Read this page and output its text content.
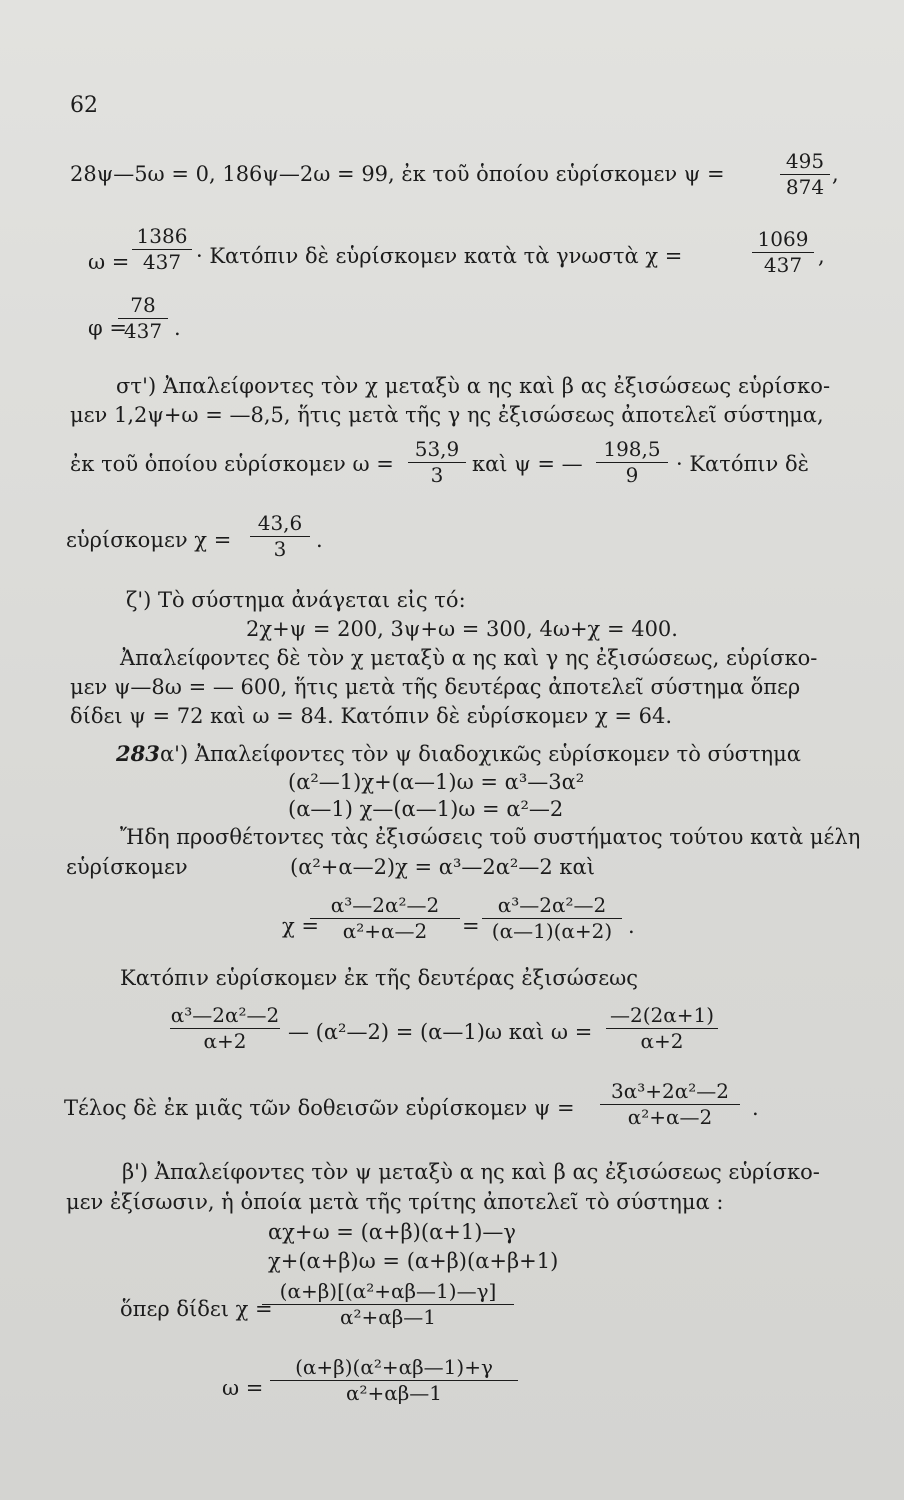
62
28ψ—5ω = 0, 186ψ—2ω = 99, ἐκ τοῦ ὁποίου εὑρίσκομεν ψ =
495
874
,
ω =
1386
437 · Κατόπιν δὲ εὑρίσκομεν κατὰ τὰ γνωστὰ χ =
1069
437 ,
φ =
78
437 .
στ') Ἀπαλείφοντες τὸν χ μεταξὺ α ης καὶ β ας ἐξισώσεως εὑρίσκο-
μεν 1,2ψ+ω = —8,5, ἥτις μετὰ τῆς γ ης ἐξισώσεως ἀποτελεῖ σύστημα,
ἐκ τοῦ ὁποίου εὑρίσκομεν ω =
53,9
3	καὶ ψ = —
198,5
9	· Κατόπιν δὲ
εὑρίσκομεν χ =
43,6
3	.
ζ') Τὸ σύστημα ἀνάγεται εἰς τό:
2χ+ψ = 200, 3ψ+ω = 300, 4ω+χ = 400.
Ἀπαλείφοντες δὲ τὸν χ μεταξὺ α ης καὶ γ ης ἐξισώσεως, εὑρίσκο-
μεν ψ—8ω = — 600, ἥτις μετὰ τῆς δευτέρας ἀποτελεῖ σύστημα ὅπερ
δίδει ψ = 72 καὶ ω = 84. Κατόπιν δὲ εὑρίσκομεν χ = 64.
283 α') Ἀπαλείφοντες τὸν ψ διαδοχικῶς εὑρίσκομεν τὸ σύστημα
(α²—1)χ+(α—1)ω = α³—3α²
(α—1) χ—(α—1)ω = α²—2
Ἤδη προσθέτοντες τὰς ἐξισώσεις τοῦ συστήματος τούτου κατὰ μέλη
εὑρίσκομεν	(α²+α—2)χ = α³—2α²—2 καὶ
χ =
α³—2α²—2
α²+α—2	=
α³—2α²—2
(α—1)(α+2) .
Κατόπιν εὑρίσκομεν ἐκ τῆς δευτέρας ἐξισώσεως
α³—2α²—2
α+2	— (α²—2) = (α—1)ω καὶ ω =
—2(2α+1)
α+2
Τέλος δὲ ἐκ μιᾶς τῶν δοθεισῶν εὑρίσκομεν ψ =
3α³+2α²—2
α²+α—2	.
β') Ἀπαλείφοντες τὸν ψ μεταξὺ α ης καὶ β ας ἐξισώσεως εὑρίσκο-
μεν ἐξίσωσιν, ἡ ὁποία μετὰ τῆς τρίτης ἀποτελεῖ τὸ σύστημα :
αχ+ω = (α+β)(α+1)—γ
χ+(α+β)ω = (α+β)(α+β+1)
ὅπερ δίδει χ =
(α+β)[(α²+αβ—1)—γ]
α²+αβ—1
ω =
(α+β)(α²+αβ—1)+γ
α²+αβ—1
